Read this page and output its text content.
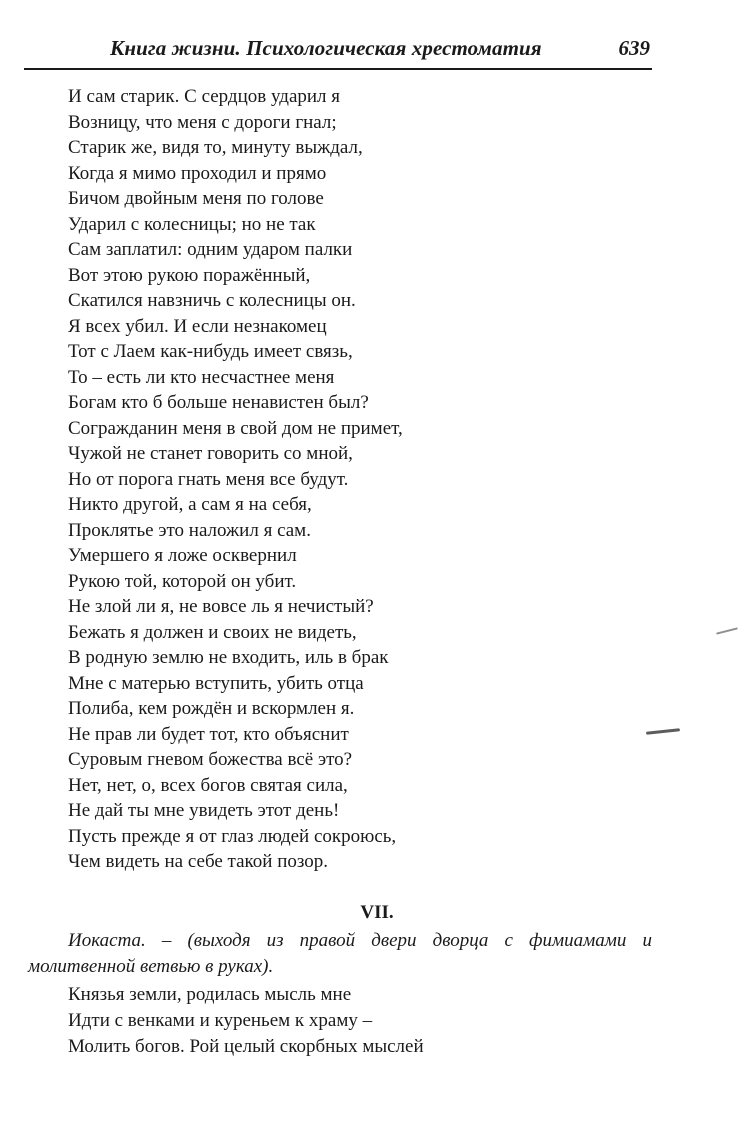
Книга жизни. Психологическая хрестоматия	639
И сам старик. С сердцов ударил я
Возницу, что меня с дороги гнал;
Старик же, видя то, минуту выждал,
Когда я мимо проходил и прямо
Бичом двойным меня по голове
Ударил с колесницы; но не так
Сам заплатил: одним ударом палки
Вот этою рукою поражённый,
Скатился навзничь с колесницы он.
Я всех убил. И если незнакомец
Тот с Лаем как-нибудь имеет связь,
То – есть ли кто несчастнее меня
Богам кто б больше ненавистен был?
Согражданин меня в свой дом не примет,
Чужой не станет говорить со мной,
Но от порога гнать меня все будут.
Никто другой, а сам я на себя,
Проклятье это наложил я сам.
Умершего я ложе осквернил
Рукою той, которой он убит.
Не злой ли я, не вовсе ль я нечистый?
Бежать я должен и своих не видеть,
В родную землю не входить, иль в брак
Мне с матерью вступить, убить отца
Полиба, кем рождён и вскормлен я.
Не прав ли будет тот, кто объяснит
Суровым гневом божества всё это?
Нет, нет, о, всех богов святая сила,
Не дай ты мне увидеть этот день!
Пусть прежде я от глаз людей сокроюсь,
Чем видеть на себе такой позор.
VII.

Иокаста. – (выходя из правой двери дворца с фимиамами и молитвенной ветвью в руках).

Князья земли, родилась мысль мне
Идти с венками и куреньем к храму –
Молить богов. Рой целый скорбных мыслей
